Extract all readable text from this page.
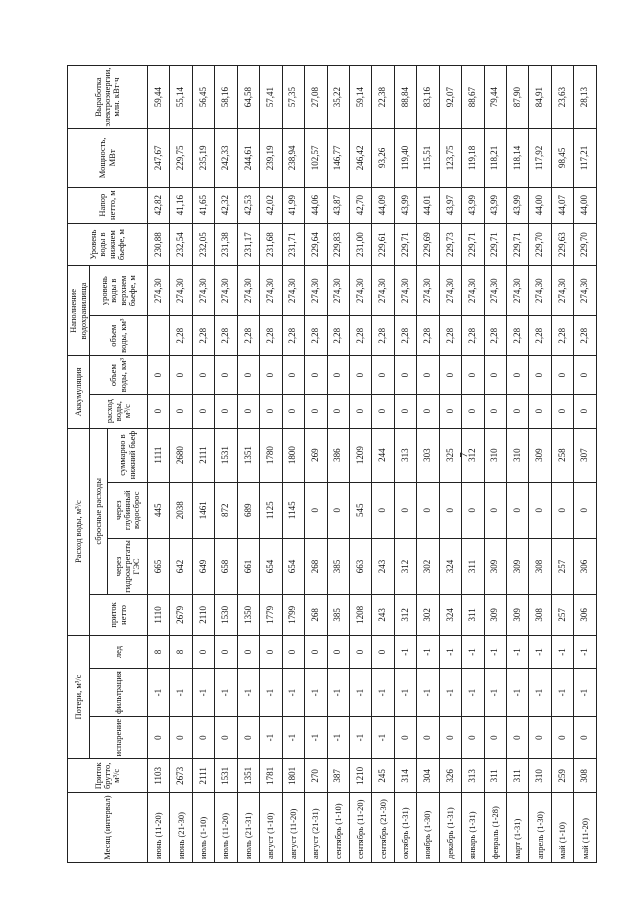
7
Месяц (интервал)	Приток брутто, м³/с	Потери, м³/с			Расход воды, м³/с				Аккумуляция		Наполнение водохранилища		Уровень воды в нижнем бьефе, м	Напор нетто, м	Мощность, МВт	Выработка электроэнергии, млн. кВт·ч
		испарение	фильтрация	лед	приток нетто	сбросные расходы			расход воды, м³/с	объем воды, км³	объем воды, км³	уровень воды в верхнем бьефе, м				
						через гидроагрегаты ГЭС	через глубинный водосброс	суммарно в нижний бьеф								
июнь (11-20)	1103	0	-1	8	1110	665	445	1111	0	0		274,30	230,88	42,82	247,67	59,44
июнь (21-30)	2673	0	-1	8	2679	642	2038	2680	0	0	2,28	274,30	232,54	41,16	229,75	55,14
июль (1-10)	2111	0	-1	0	2110	649	1461	2111	0	0	2,28	274,30	232,05	41,65	235,19	56,45
июль (11-20)	1531	0	-1	0	1530	658	872	1531	0	0	2,28	274,30	231,38	42,32	242,33	58,16
июль (21-31)	1351	0	-1	0	1350	661	689	1351	0	0	2,28	274,30	231,17	42,53	244,61	64,58
август (1-10)	1781	-1	-1	0	1779	654	1125	1780	0	0	2,28	274,30	231,68	42,02	239,19	57,41
август (11-20)	1801	-1	-1	0	1799	654	1145	1800	0	0	2,28	274,30	231,71	41,99	238,94	57,35
август (21-31)	270	-1	-1	0	268	268	0	269	0	0	2,28	274,30	229,64	44,06	102,57	27,08
сентябрь (1-10)	387	-1	-1	0	385	385	0	386	0	0	2,28	274,30	229,83	43,87	146,77	35,22
сентябрь (11-20)	1210	-1	-1	0	1208	663	545	1209	0	0	2,28	274,30	231,00	42,70	246,42	59,14
сентябрь (21-30)	245	-1	-1	0	243	243	0	244	0	0	2,28	274,30	229,61	44,09	93,26	22,38
октябрь (1-31)	314	0	-1	-1	312	312	0	313	0	0	2,28	274,30	229,71	43,99	119,40	88,84
ноябрь (1-30)	304	0	-1	-1	302	302	0	303	0	0	2,28	274,30	229,69	44,01	115,51	83,16
декабрь (1-31)	326	0	-1	-1	324	324	0	325	0	0	2,28	274,30	229,73	43,97	123,75	92,07
январь (1-31)	313	0	-1	-1	311	311	0	312	0	0	2,28	274,30	229,71	43,99	119,18	88,67
февраль (1-28)	311	0	-1	-1	309	309	0	310	0	0	2,28	274,30	229,71	43,99	118,21	79,44
март (1-31)	311	0	-1	-1	309	309	0	310	0	0	2,28	274,30	229,71	43,99	118,14	87,90
апрель (1-30)	310	0	-1	-1	308	308	0	309	0	0	2,28	274,30	229,70	44,00	117,92	84,91
май (1-10)	259	0	-1	-1	257	257	0	258	0	0	2,28	274,30	229,63	44,07	98,45	23,63
май (11-20)	308	0	-1	-1	306	306	0	307	0	0	2,28	274,30	229,70	44,00	117,21	28,13
